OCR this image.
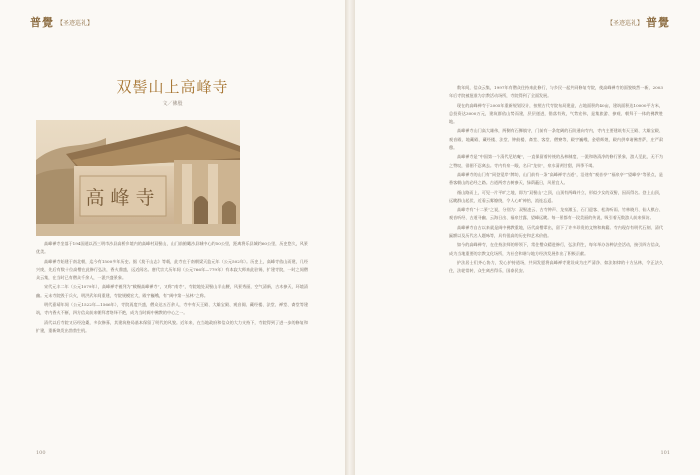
普覺 【圣迹巡礼】
双髻山上高峰寺
文／佛殷
高峰寺

高峰禅寺坐落于194国道以西三明市沙县高桥乡境内的高峰村双髻山，山门前俯瞰沙县城中心约50公里，距离将乐县城约60公里，历史悠久，风景优美。

高峰禅寺始建于南北朝，迄今有1500多年历史。据《莫干山志》等载，此寺在于南朝梁天监元年（公元502年）。历史上，高峰寺依山而建，几经兴废，先后有数十位高僧在此修行弘法，香火鼎盛，远近闻名。唐代宗大历年间（公元766年—779年）有本寂大师来此驻锡，扩建寺院，一时之间僧众云集，在当时已有僧众千余人，一派兴盛景象。

宋代元丰二年（公元1079年），高峰禅寺被列为“敕赐高峰禅寺”，又称“南寺”，寺院地处双髻山半山腰，风景秀丽，空气清新，古木参天，环境清幽。元末寺院毁于兵火，明洪武年间重建，寺院规模宏大，殿宇巍峨，有“闽中第一丛林”之称。

明代嘉靖年间（公元1522年—1566年），寺院再度兴盛，僧众达五百余人，寺中有天王殿、大雄宝殿、观音阁、藏经楼、法堂、禅堂、斋堂等建筑，寺内香火不断，四方信众前来朝拜者络绎不绝，成为当时闽中佛教的中心之一。

清代以后寺院又历经沧桑，多次修葺，其建筑格局基本保留了明代的风貌。近年来，在当地政府和信众的大力支持下，寺院得到了进一步的修复和扩建，重新焕发出勃勃生机。

100
【圣迹巡礼】 普覺

数年间，信众云集，1997年有僧众住持来此修行，与乡民一起共同修复寺院，使高峰禅寺的面貌焕然一新，2003年后寺院被批准为宗教活动场所，寺院得到了全面发展。

现在的高峰禅寺于2005年重新规划设计，按照古代寺院布局建造，占地面积约40亩，建筑面积达10000平方米，总投资达3000万元，建筑群依山势而建，层层递进，错落有致，气势宏伟，是集旅游、参观、朝拜于一体的佛教胜地。

高峰禅寺山门高大雄伟，两侧有石狮镇守，门前有一条宽阔的石阶通向寺内，寺内主要建筑有天王殿、大雄宝殿、观音殿、地藏殿、藏经楼、法堂、钟鼓楼、斋堂、客堂、僧寮等，殿宇巍峨，金碧辉煌，殿内供奉诸佛菩萨，庄严肃穆。

高峰禅寺是“中国第一个清代尼姑庵”，一直保留着传统的丛林制度，一派和谐清净的修行景象，游人至此，无不为之赞叹，徘徊不忍离去。寺内有泉一眼，名曰“龙泉”，泉水清冽甘甜，四季不竭。

高峰禅寺的山门有“同登觉岸”牌坊，山门前有一条“高峰禅寺古道”，沿途有“观音亭”“福泉亭”“望峰亭”等景点，是香客朝山的必经之路。古道两旁古树参天，绿荫蔽日，风景宜人。

循山路而上，可见一片平旷之地，即为“双髻山”之顶，山顶有两峰并立，形似少女的双髻，因而得名。登上山顶，远眺群山起伏，近看云雾缭绕，令人心旷神怡，流连忘返。

高峰寺有“十二景”之说，分别为：双髻凌云、古寺钟声、龙泉漱玉、石门迎客、松涛听雨、竹林晓月、仙人棋台、观音听经、古道寻幽、云海日出、福泉甘露、望峰远眺。每一景都有一段美丽的传说，吸引着无数游人前来探访。

高峰禅寺自古以来就是闽中佛教重地，历代高僧辈出，留下了许多珍贵的文物和典籍。寺内现存有明代石刻、清代匾额以及历代名人题咏等，具有很高的历史和艺术价值。

如今的高峰禅寺，在住持法师的带领下，常住僧众精进修行，弘法利生，每年举办各种法会活动，接引四方信众，成为当地重要的宗教文化场所，为社会和谐与地方经济发展作出了积极贡献。

护法居士们齐心协力，发心护持道场，共同发愿将高峰禅寺建设成为庄严清净、如法如律的十方丛林，令正法久住，法轮常转，众生离苦得乐，国泰民安。

101
